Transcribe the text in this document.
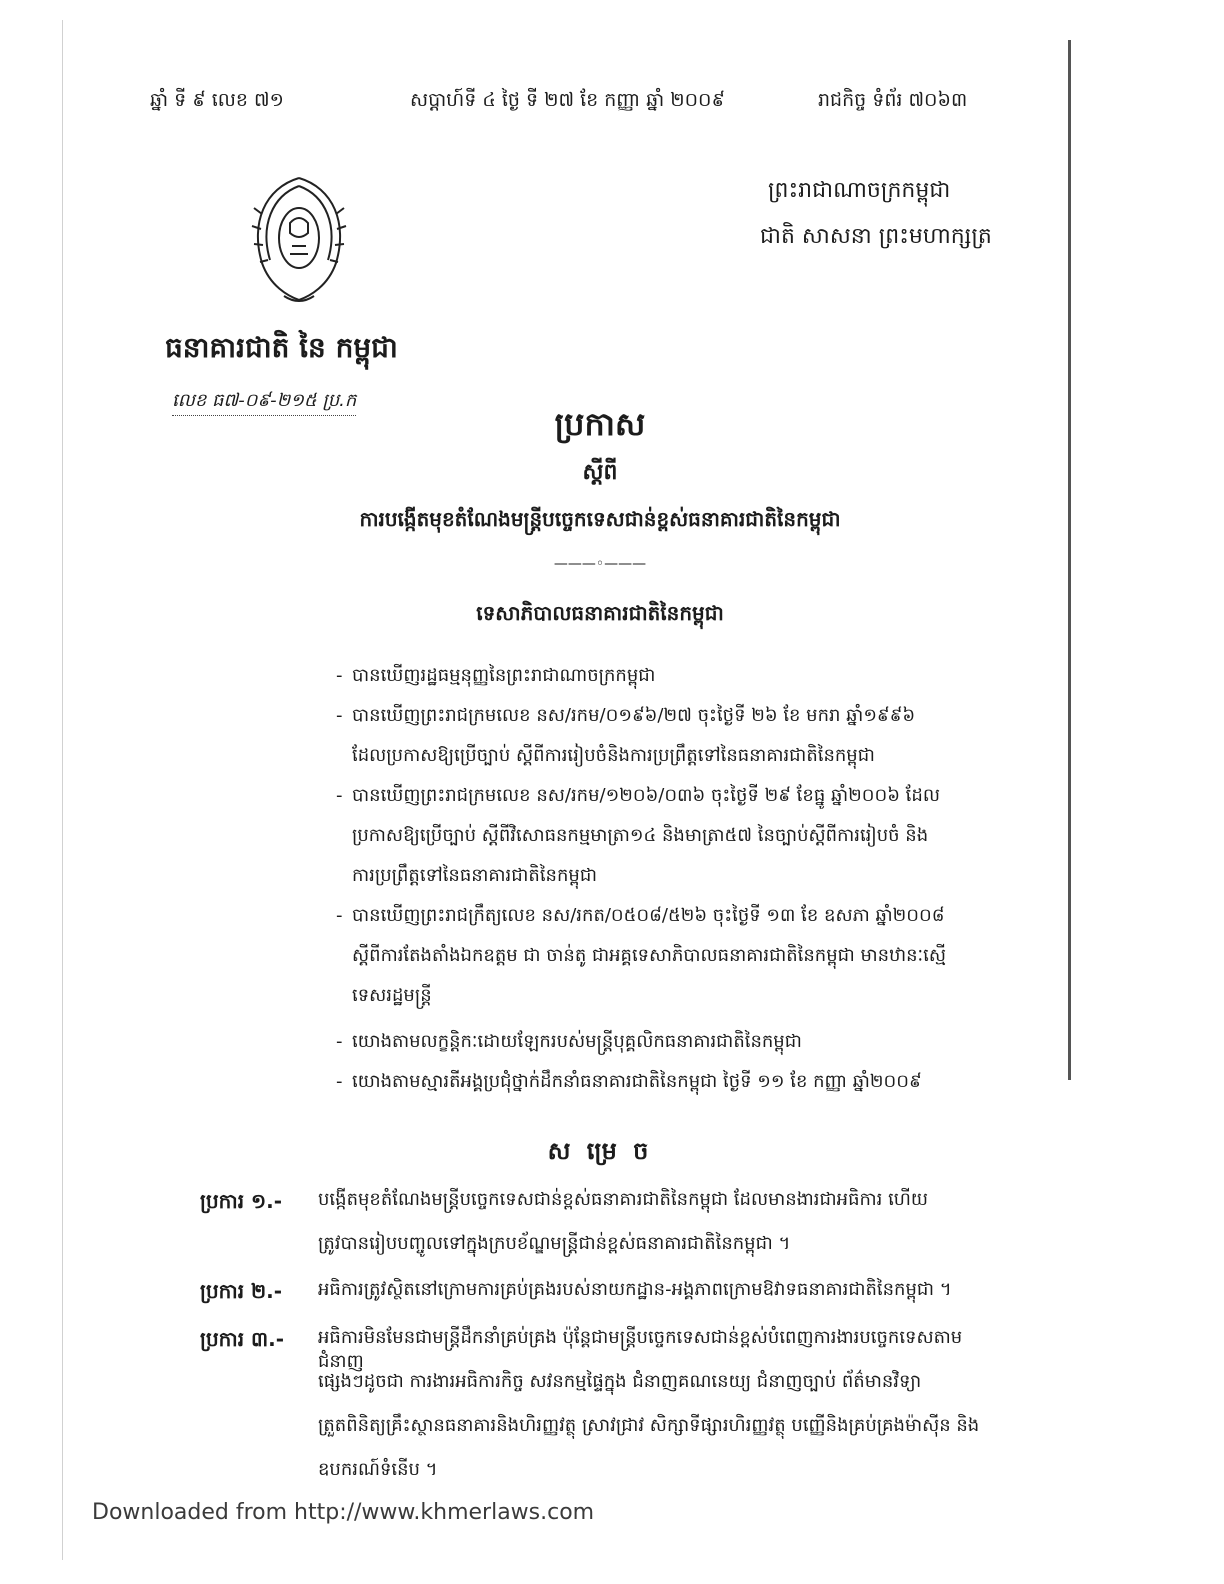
ឆ្នាំ ទី ៩ លេខ ៧១	សប្តាហ៍ទី ៤ ថ្ងៃ ទី ២៧ ខែ កញ្ញា ឆ្នាំ ២០០៩	រាជកិច្ច ទំព័រ ៧០៦៣
ព្រះរាជាណាចក្រកម្ពុជា
ជាតិ សាសនា ព្រះមហាក្សត្រ
ធនាគារជាតិ នៃ កម្ពុជា
លេខ ធ៧-០៩-២១៥ ប្រ.ក
ប្រកាស
ស្តីពី
ការបង្កើតមុខតំណែងមន្ត្រីបច្ចេកទេសជាន់ខ្ពស់ធនាគារជាតិនៃកម្ពុជា
———◦———
ទេសាភិបាលធនាគារជាតិនៃកម្ពុជា
- បានឃើញរដ្ឋធម្មនុញ្ញនៃព្រះរាជាណាចក្រកម្ពុជា
- បានឃើញព្រះរាជក្រមលេខ នស/រកម/០១៩៦/២៧ ចុះថ្ងៃទី ២៦ ខែ មករា ឆ្នាំ១៩៩៦
ដែលប្រកាសឱ្យប្រើច្បាប់ ស្តីពីការរៀបចំនិងការប្រព្រឹត្តទៅនៃធនាគារជាតិនៃកម្ពុជា
- បានឃើញព្រះរាជក្រមលេខ នស/រកម/១២០៦/០៣៦ ចុះថ្ងៃទី ២៩ ខែធ្នូ ឆ្នាំ២០០៦ ដែល
ប្រកាសឱ្យប្រើច្បាប់ ស្តីពីវិសោធនកម្មមាត្រា១៤ និងមាត្រា៥៧ នៃច្បាប់ស្តីពីការរៀបចំ និង
ការប្រព្រឹត្តទៅនៃធនាគារជាតិនៃកម្ពុជា
- បានឃើញព្រះរាជក្រឹត្យលេខ នស/រកត/០៥០៨/៥២៦ ចុះថ្ងៃទី ១៣ ខែ ឧសភា ឆ្នាំ២០០៨
ស្តីពីការតែងតាំងឯកឧត្តម ជា ចាន់តូ ជាអគ្គទេសាភិបាលធនាគារជាតិនៃកម្ពុជា មានឋានៈស្មើ
ទេសរដ្ឋមន្ត្រី
- យោងតាមលក្ខន្តិកៈដោយឡែករបស់មន្ត្រីបុគ្គលិកធនាគារជាតិនៃកម្ពុជា
- យោងតាមស្មារតីអង្គប្រជុំថ្នាក់ដឹកនាំធនាគារជាតិនៃកម្ពុជា ថ្ងៃទី ១១ ខែ កញ្ញា ឆ្នាំ២០០៩
ស ម្រេ ច
ប្រការ ១.- បង្កើតមុខតំណែងមន្ត្រីបច្ចេកទេសជាន់ខ្ពស់ធនាគារជាតិនៃកម្ពុជា ដែលមានងារជាអធិការ ហើយ
ត្រូវបានរៀបបញ្ចូលទៅក្នុងក្របខ័ណ្ឌមន្ត្រីជាន់ខ្ពស់ធនាគារជាតិនៃកម្ពុជា ។
ប្រការ ២.- អធិការត្រូវស្ថិតនៅក្រោមការគ្រប់គ្រងរបស់នាយកដ្ឋាន-អង្គភាពក្រោមឱវាទធនាគារជាតិនៃកម្ពុជា ។
ប្រការ ៣.- អធិការមិនមែនជាមន្ត្រីដឹកនាំគ្រប់គ្រង ប៉ុន្តែជាមន្ត្រីបច្ចេកទេសជាន់ខ្ពស់បំពេញការងារបច្ចេកទេសតាមជំនាញ
ផ្សេងៗដូចជា ការងារអធិការកិច្ច សវនកម្មផ្ទៃក្នុង ជំនាញគណនេយ្យ ជំនាញច្បាប់ ព័ត៌មានវិទ្យា
ត្រួតពិនិត្យគ្រឹះស្ថានធនាគារនិងហិរញ្ញវត្ថុ ស្រាវជ្រាវ សិក្សាទីផ្សារហិរញ្ញវត្ថុ បញ្ញើនិងគ្រប់គ្រងម៉ាស៊ីន និង
ឧបករណ៍ទំនើប ។
Downloaded from http://www.khmerlaws.com
